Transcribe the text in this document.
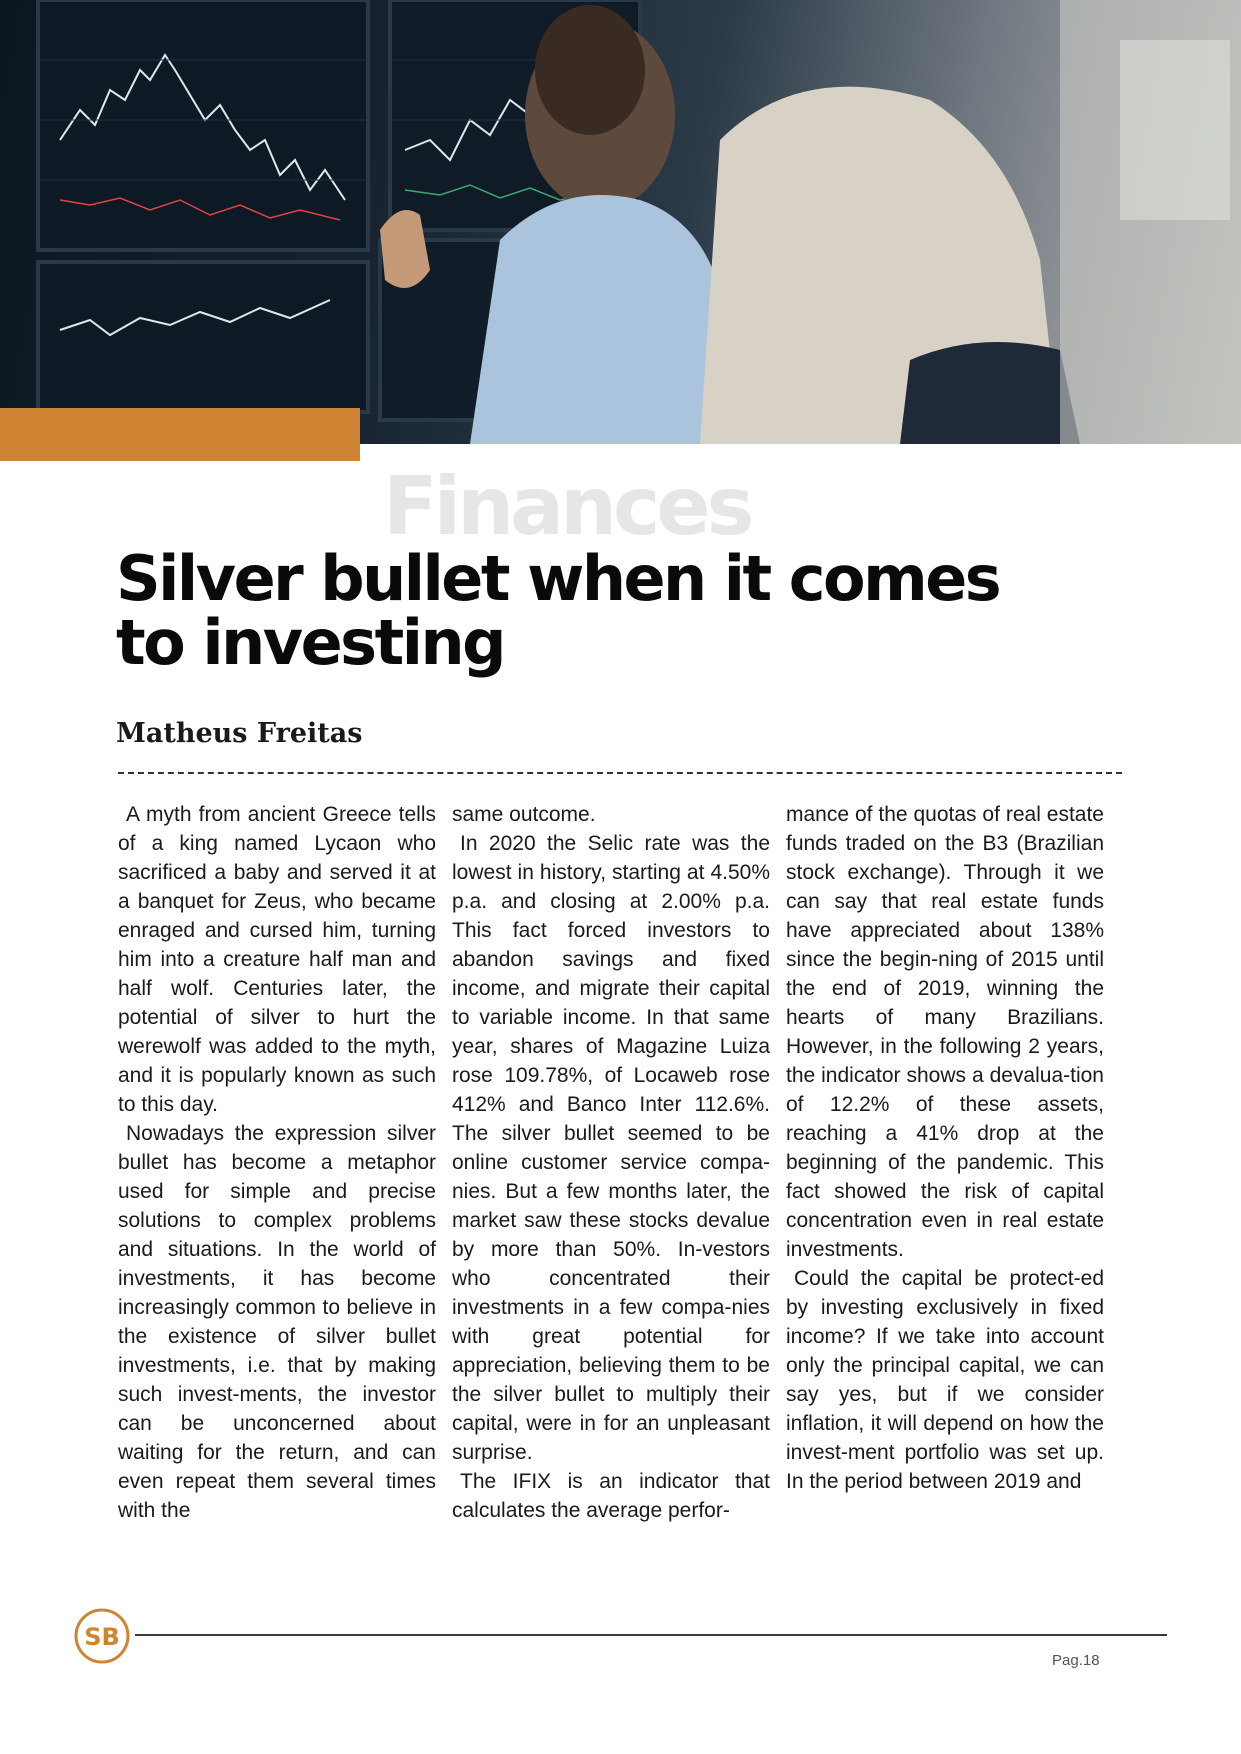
Finances
Silver bullet when it comes to investing
Matheus Freitas

A myth from ancient Greece tells of a king named Lycaon who sacrificed a baby and served it at a banquet for Zeus, who became enraged and cursed him, turning him into a creature half man and half wolf. Centuries later, the potential of silver to hurt the werewolf was added to the myth, and it is popularly known as such to this day.

Nowadays the expression silver bullet has become a metaphor used for simple and precise solutions to complex problems and situations. In the world of investments, it has become increasingly common to believe in the existence of silver bullet investments, i.e. that by making such invest-ments, the investor can be unconcerned about waiting for the return, and can even repeat them several times with the

same outcome.

In 2020 the Selic rate was the lowest in history, starting at 4.50% p.a. and closing at 2.00% p.a. This fact forced investors to abandon savings and fixed income, and migrate their capital to variable income. In that same year, shares of Magazine Luiza rose 109.78%, of Locaweb rose 412% and Banco Inter 112.6%. The silver bullet seemed to be online customer service compa-nies. But a few months later, the market saw these stocks devalue by more than 50%. In-vestors who concentrated their investments in a few compa-nies with great potential for appreciation, believing them to be the silver bullet to multiply their capital, were in for an unpleasant surprise.

The IFIX is an indicator that calculates the average perfor-

mance of the quotas of real estate funds traded on the B3 (Brazilian stock exchange). Through it we can say that real estate funds have appreciated about 138% since the begin-ning of 2015 until the end of 2019, winning the hearts of many Brazilians. However, in the following 2 years, the indicator shows a devalua-tion of 12.2% of these assets, reaching a 41% drop at the beginning of the pandemic. This fact showed the risk of capital concentration even in real estate investments.

Could the capital be protect-ed by investing exclusively in fixed income? If we take into account only the principal capital, we can say yes, but if we consider inflation, it will depend on how the invest-ment portfolio was set up. In the period between 2019 and

SB
Pag.18
